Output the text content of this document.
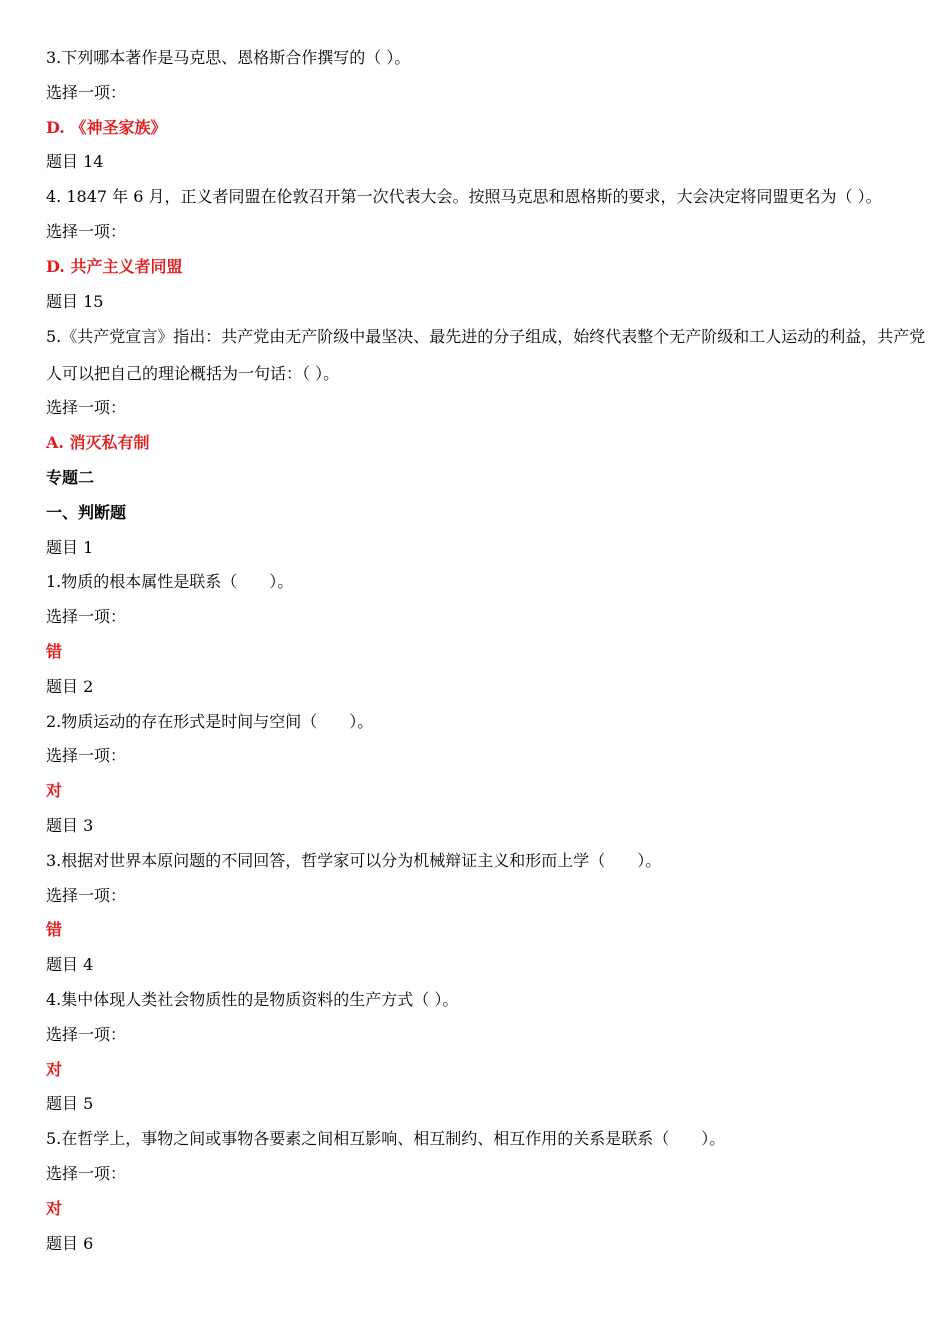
3.下列哪本著作是马克思、恩格斯合作撰写的（ ）。
选择一项：
D. 《神圣家族》
题目 14
4. 1847 年 6 月，正义者同盟在伦敦召开第一次代表大会。按照马克思和恩格斯的要求，大会决定将同盟更名为（ ）。
选择一项：
D. 共产主义者同盟
题目 15
5.《共产党宣言》指出：共产党由无产阶级中最坚决、最先进的分子组成，始终代表整个无产阶级和工人运动的利益，共产党人可以把自己的理论概括为一句话：（ ）。
选择一项：
A. 消灭私有制
专题二
一、判断题
题目 1
1.物质的根本属性是联系（　　）。
选择一项：
错
题目 2
2.物质运动的存在形式是时间与空间（　　）。
选择一项：
对
题目 3
3.根据对世界本原问题的不同回答，哲学家可以分为机械辩证主义和形而上学（　　）。
选择一项：
错
题目 4
4.集中体现人类社会物质性的是物质资料的生产方式（ ）。
选择一项：
对
题目 5
5.在哲学上，事物之间或事物各要素之间相互影响、相互制约、相互作用的关系是联系（　　）。
选择一项：
对
题目 6
